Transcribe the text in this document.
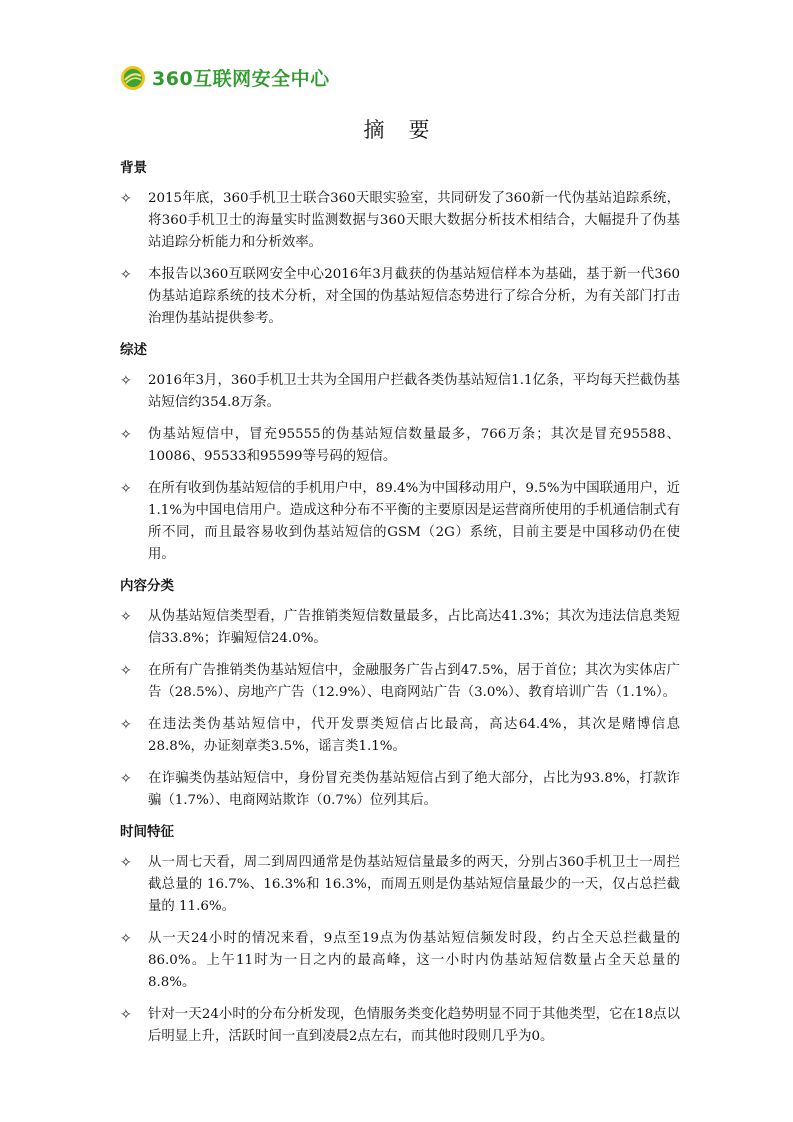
360互联网安全中心
摘要
背景
✧	2015年底，360手机卫士联合360天眼实验室，共同研发了360新一代伪基站追踪系统，将360手机卫士的海量实时监测数据与360天眼大数据分析技术相结合，大幅提升了伪基站追踪分析能力和分析效率。
✧	本报告以360互联网安全中心2016年3月截获的伪基站短信样本为基础，基于新一代360伪基站追踪系统的技术分析，对全国的伪基站短信态势进行了综合分析，为有关部门打击治理伪基站提供参考。
综述
✧	2016年3月，360手机卫士共为全国用户拦截各类伪基站短信1.1亿条，平均每天拦截伪基站短信约354.8万条。
✧	伪基站短信中，冒充95555的伪基站短信数量最多，766万条；其次是冒充95588、10086、95533和95599等号码的短信。
✧	在所有收到伪基站短信的手机用户中，89.4%为中国移动用户，9.5%为中国联通用户，近 1.1%为中国电信用户。造成这种分布不平衡的主要原因是运营商所使用的手机通信制式有所不同，而且最容易收到伪基站短信的GSM（2G）系统，目前主要是中国移动仍在使用。
内容分类
✧	从伪基站短信类型看，广告推销类短信数量最多，占比高达41.3%；其次为违法信息类短信33.8%；诈骗短信24.0%。
✧	在所有广告推销类伪基站短信中，金融服务广告占到47.5%，居于首位；其次为实体店广告（28.5%）、房地产广告（12.9%）、电商网站广告（3.0%）、教育培训广告（1.1%）。
✧	在违法类伪基站短信中，代开发票类短信占比最高，高达64.4%，其次是赌博信息28.8%，办证刻章类3.5%，谣言类1.1%。
✧	在诈骗类伪基站短信中，身份冒充类伪基站短信占到了绝大部分，占比为93.8%，打款诈骗（1.7%）、电商网站欺诈（0.7%）位列其后。
时间特征
✧	从一周七天看，周二到周四通常是伪基站短信量最多的两天，分别占360手机卫士一周拦截总量的 16.7%、16.3%和 16.3%，而周五则是伪基站短信量最少的一天，仅占总拦截量的 11.6%。
✧	从一天24小时的情况来看，9点至19点为伪基站短信频发时段，约占全天总拦截量的86.0%。上午11时为一日之内的最高峰，这一小时内伪基站短信数量占全天总量的8.8%。
✧	针对一天24小时的分布分析发现，色情服务类变化趋势明显不同于其他类型，它在18点以后明显上升，活跃时间一直到凌晨2点左右，而其他时段则几乎为0。
